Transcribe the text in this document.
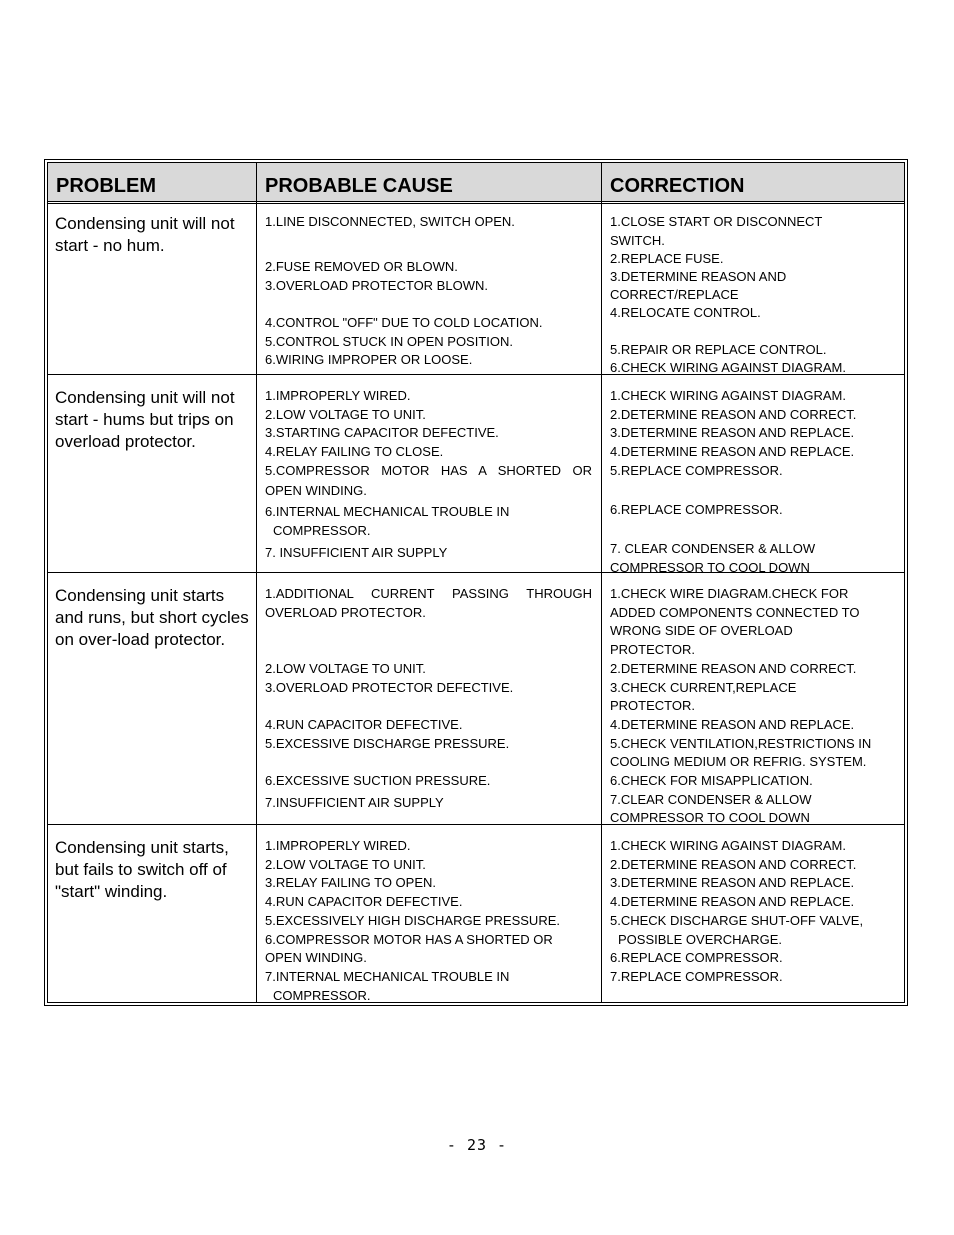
PROBLEM	PROBABLE CAUSE	CORRECTION
Condensing unit will not start - no hum.
1.LINE DISCONNECTED, SWITCH OPEN.
2.FUSE REMOVED OR BLOWN.
3.OVERLOAD PROTECTOR BLOWN.
4.CONTROL "OFF" DUE TO COLD LOCATION.
5.CONTROL STUCK IN OPEN POSITION.
6.WIRING IMPROPER OR LOOSE.
1.CLOSE START OR DISCONNECT
SWITCH.
2.REPLACE FUSE.
3.DETERMINE REASON AND
CORRECT/REPLACE
4.RELOCATE CONTROL.
5.REPAIR OR REPLACE CONTROL.
6.CHECK WIRING AGAINST DIAGRAM.
Condensing unit will not start - hums but trips on overload protector.
1.IMPROPERLY WIRED.
2.LOW VOLTAGE TO UNIT.
3.STARTING CAPACITOR DEFECTIVE.
4.RELAY FAILING TO CLOSE.
5.COMPRESSOR MOTOR HAS A SHORTED OR
OPEN WINDING.
6.INTERNAL MECHANICAL TROUBLE IN
COMPRESSOR.
7. INSUFFICIENT AIR SUPPLY
1.CHECK WIRING AGAINST DIAGRAM.
2.DETERMINE REASON AND CORRECT.
3.DETERMINE REASON AND REPLACE.
4.DETERMINE REASON AND REPLACE.
5.REPLACE COMPRESSOR.
6.REPLACE COMPRESSOR.
7. CLEAR CONDENSER & ALLOW
COMPRESSOR TO COOL DOWN
Condensing unit starts and runs, but short cycles on over-load protector.
1.ADDITIONAL CURRENT PASSING THROUGH
OVERLOAD PROTECTOR.
2.LOW VOLTAGE TO UNIT.
3.OVERLOAD PROTECTOR DEFECTIVE.
4.RUN CAPACITOR DEFECTIVE.
5.EXCESSIVE DISCHARGE PRESSURE.
6.EXCESSIVE SUCTION PRESSURE.
7.INSUFFICIENT AIR SUPPLY
1.CHECK WIRE DIAGRAM.CHECK FOR
ADDED COMPONENTS CONNECTED TO
WRONG SIDE OF OVERLOAD
PROTECTOR.
2.DETERMINE REASON AND CORRECT.
3.CHECK CURRENT,REPLACE
PROTECTOR.
4.DETERMINE REASON AND REPLACE.
5.CHECK VENTILATION,RESTRICTIONS IN
COOLING MEDIUM OR REFRIG. SYSTEM.
6.CHECK FOR MISAPPLICATION.
7.CLEAR CONDENSER & ALLOW
COMPRESSOR TO COOL DOWN
Condensing unit starts, but fails to switch off of "start" winding.
1.IMPROPERLY WIRED.
2.LOW VOLTAGE TO UNIT.
3.RELAY FAILING TO OPEN.
4.RUN CAPACITOR DEFECTIVE.
5.EXCESSIVELY HIGH DISCHARGE PRESSURE.
6.COMPRESSOR MOTOR HAS A SHORTED OR
OPEN WINDING.
7.INTERNAL MECHANICAL TROUBLE IN
COMPRESSOR.
1.CHECK WIRING AGAINST DIAGRAM.
2.DETERMINE REASON AND CORRECT.
3.DETERMINE REASON AND REPLACE.
4.DETERMINE REASON AND REPLACE.
5.CHECK DISCHARGE SHUT-OFF VALVE,
POSSIBLE OVERCHARGE.
6.REPLACE COMPRESSOR.
7.REPLACE COMPRESSOR.
- 23 -
